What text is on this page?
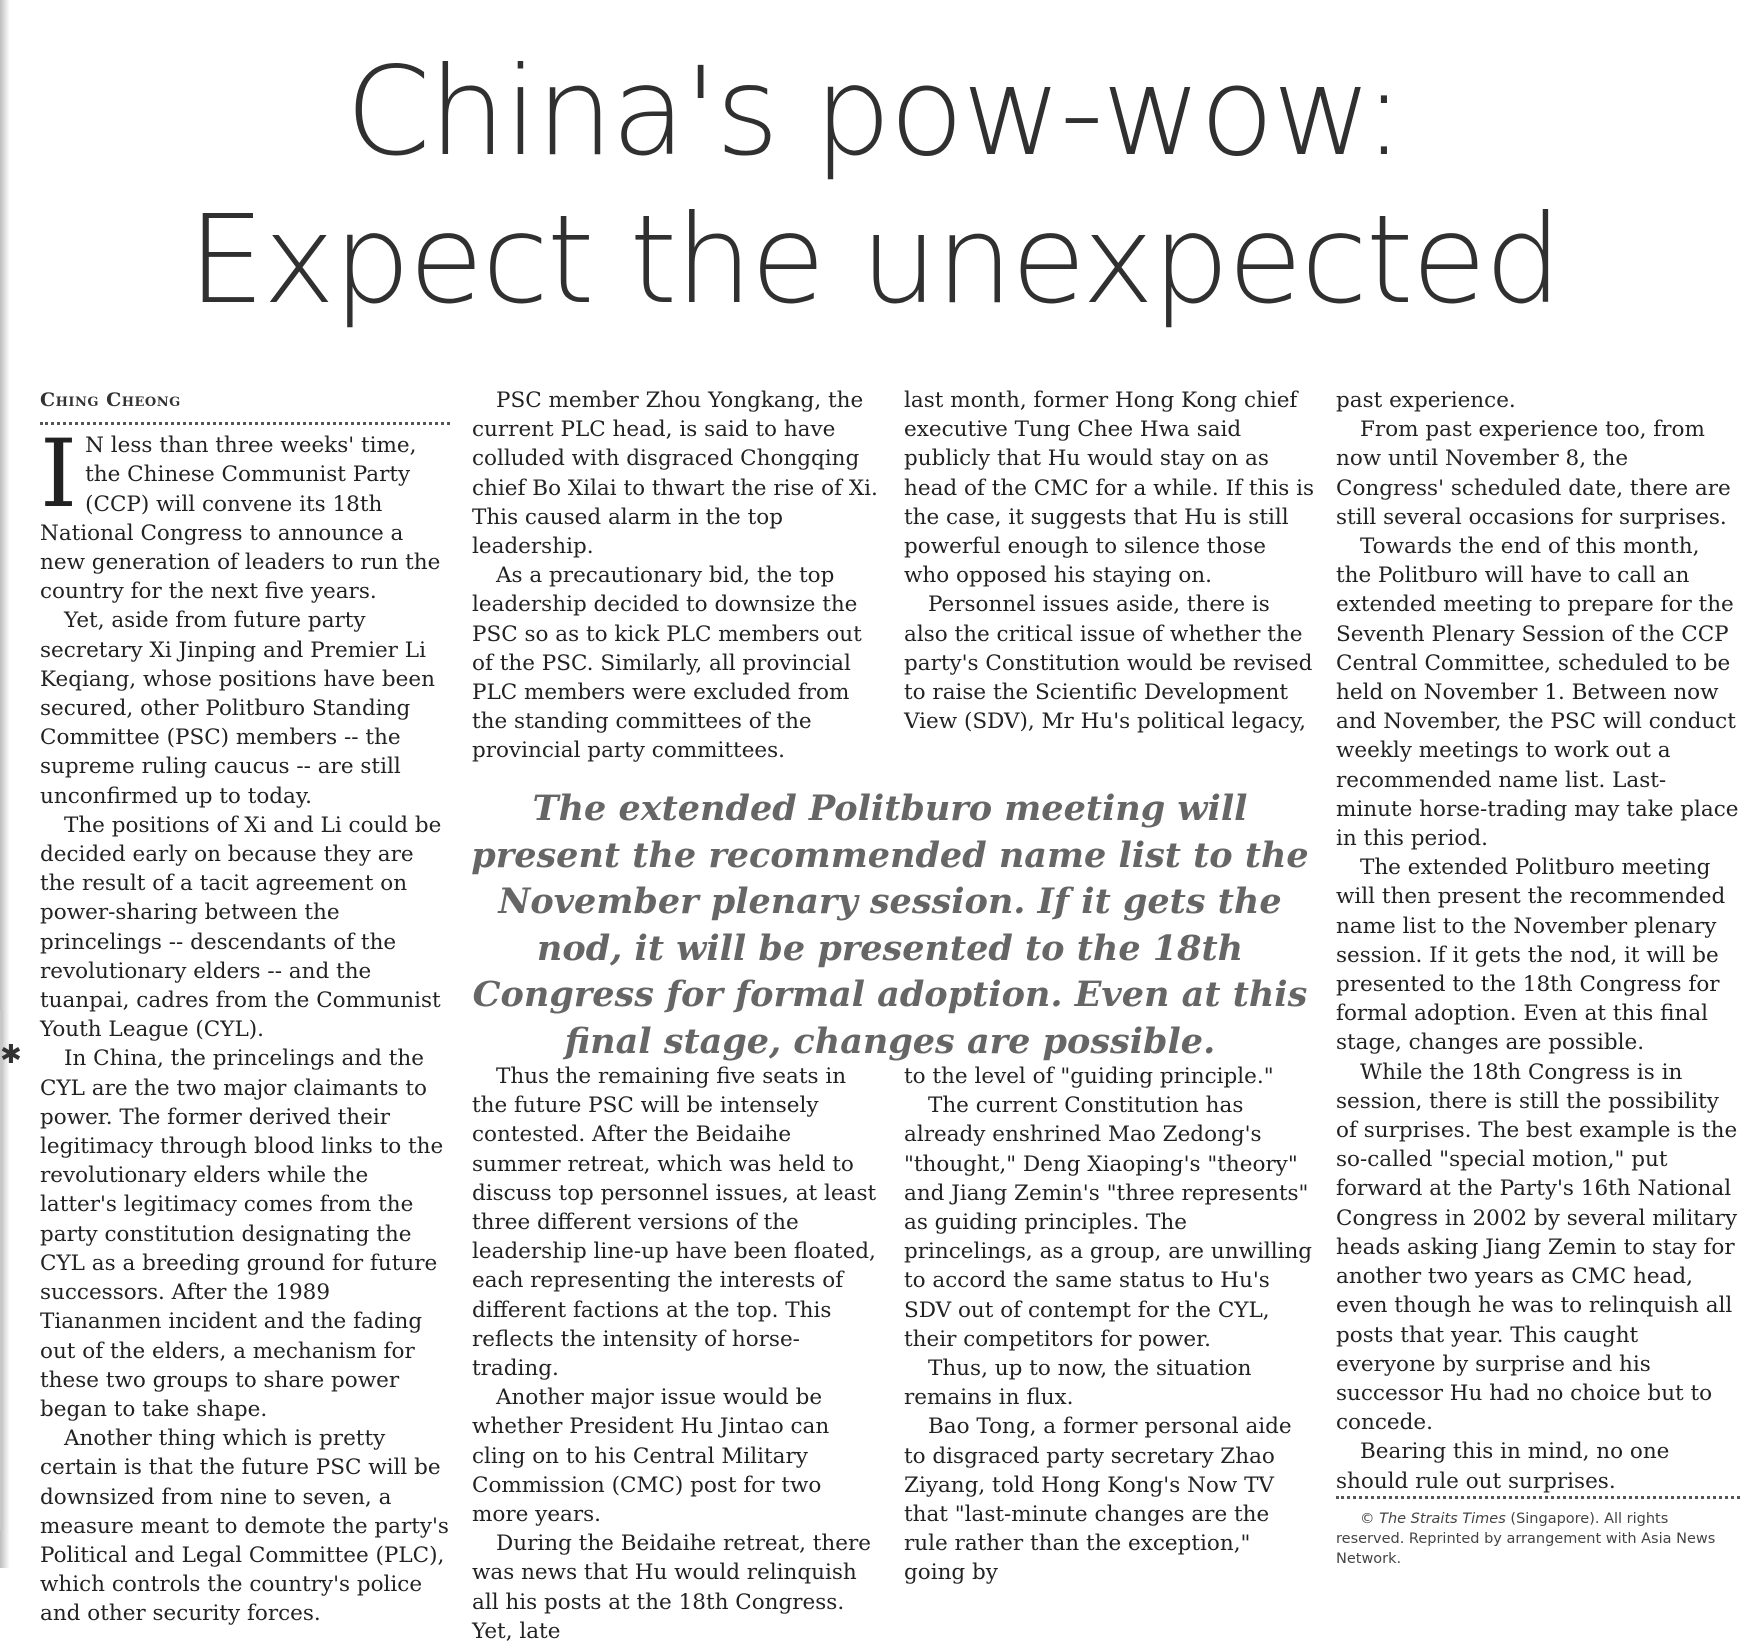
✱
China's pow-wow:
Expect the unexpected
Ching Cheong

I N less than three weeks' time, the Chinese Communist Party (CCP) will convene its 18th National Congress to announce a new generation of leaders to run the country for the next five years.

Yet, aside from future party secretary Xi Jinping and Premier Li Keqiang, whose positions have been secured, other Politburo Standing Committee (PSC) members -- the supreme ruling caucus -- are still unconfirmed up to today.

The positions of Xi and Li could be decided early on because they are the result of a tacit agreement on power-sharing between the princelings -- descendants of the revolutionary elders -- and the tuanpai, cadres from the Communist Youth League (CYL).

In China, the princelings and the CYL are the two major claimants to power. The former derived their legitimacy through blood links to the revolutionary elders while the latter's legitimacy comes from the party constitution designating the CYL as a breeding ground for future successors. After the 1989 Tiananmen incident and the fading out of the elders, a mechanism for these two groups to share power began to take shape.

Another thing which is pretty certain is that the future PSC will be downsized from nine to seven, a measure meant to demote the party's Political and Legal Committee (PLC), which controls the country's police and other security forces.

PSC member Zhou Yongkang, the current PLC head, is said to have colluded with disgraced Chongqing chief Bo Xilai to thwart the rise of Xi. This caused alarm in the top leadership.

As a precautionary bid, the top leadership decided to downsize the PSC so as to kick PLC members out of the PSC. Similarly, all provincial PLC members were excluded from the standing committees of the provincial party committees.

last month, former Hong Kong chief executive Tung Chee Hwa said publicly that Hu would stay on as head of the CMC for a while. If this is the case, it suggests that Hu is still powerful enough to silence those who opposed his staying on.

Personnel issues aside, there is also the critical issue of whether the party's Constitution would be revised to raise the Scientific Development View (SDV), Mr Hu's political legacy,

The extended Politburo meeting will present the recommended name list to the November plenary session. If it gets the nod, it will be presented to the 18th Congress for formal adoption. Even at this final stage, changes are possible.

Thus the remaining five seats in the future PSC will be intensely contested. After the Beidaihe summer retreat, which was held to discuss top personnel issues, at least three different versions of the leadership line-up have been floated, each representing the interests of different factions at the top. This reflects the intensity of horse-trading.

Another major issue would be whether President Hu Jintao can cling on to his Central Military Commission (CMC) post for two more years.

During the Beidaihe retreat, there was news that Hu would relinquish all his posts at the 18th Congress. Yet, late

to the level of "guiding principle."

The current Constitution has already enshrined Mao Zedong's "thought," Deng Xiaoping's "theory" and Jiang Zemin's "three represents" as guiding principles. The princelings, as a group, are unwilling to accord the same status to Hu's SDV out of contempt for the CYL, their competitors for power.

Thus, up to now, the situation remains in flux.

Bao Tong, a former personal aide to disgraced party secretary Zhao Ziyang, told Hong Kong's Now TV that "last-minute changes are the rule rather than the exception," going by

past experience.

From past experience too, from now until November 8, the Congress' scheduled date, there are still several occasions for surprises.

Towards the end of this month, the Politburo will have to call an extended meeting to prepare for the Seventh Plenary Session of the CCP Central Committee, scheduled to be held on November 1. Between now and November, the PSC will conduct weekly meetings to work out a recommended name list. Last-minute horse-trading may take place in this period.

The extended Politburo meeting will then present the recommended name list to the November plenary session. If it gets the nod, it will be presented to the 18th Congress for formal adoption. Even at this final stage, changes are possible.

While the 18th Congress is in session, there is still the possibility of surprises. The best example is the so-called "special motion," put forward at the Party's 16th National Congress in 2002 by several military heads asking Jiang Zemin to stay for another two years as CMC head, even though he was to relinquish all posts that year. This caught everyone by surprise and his successor Hu had no choice but to concede.

Bearing this in mind, no one should rule out surprises.

© The Straits Times (Singapore). All rights reserved. Reprinted by arrangement with Asia News Network.
